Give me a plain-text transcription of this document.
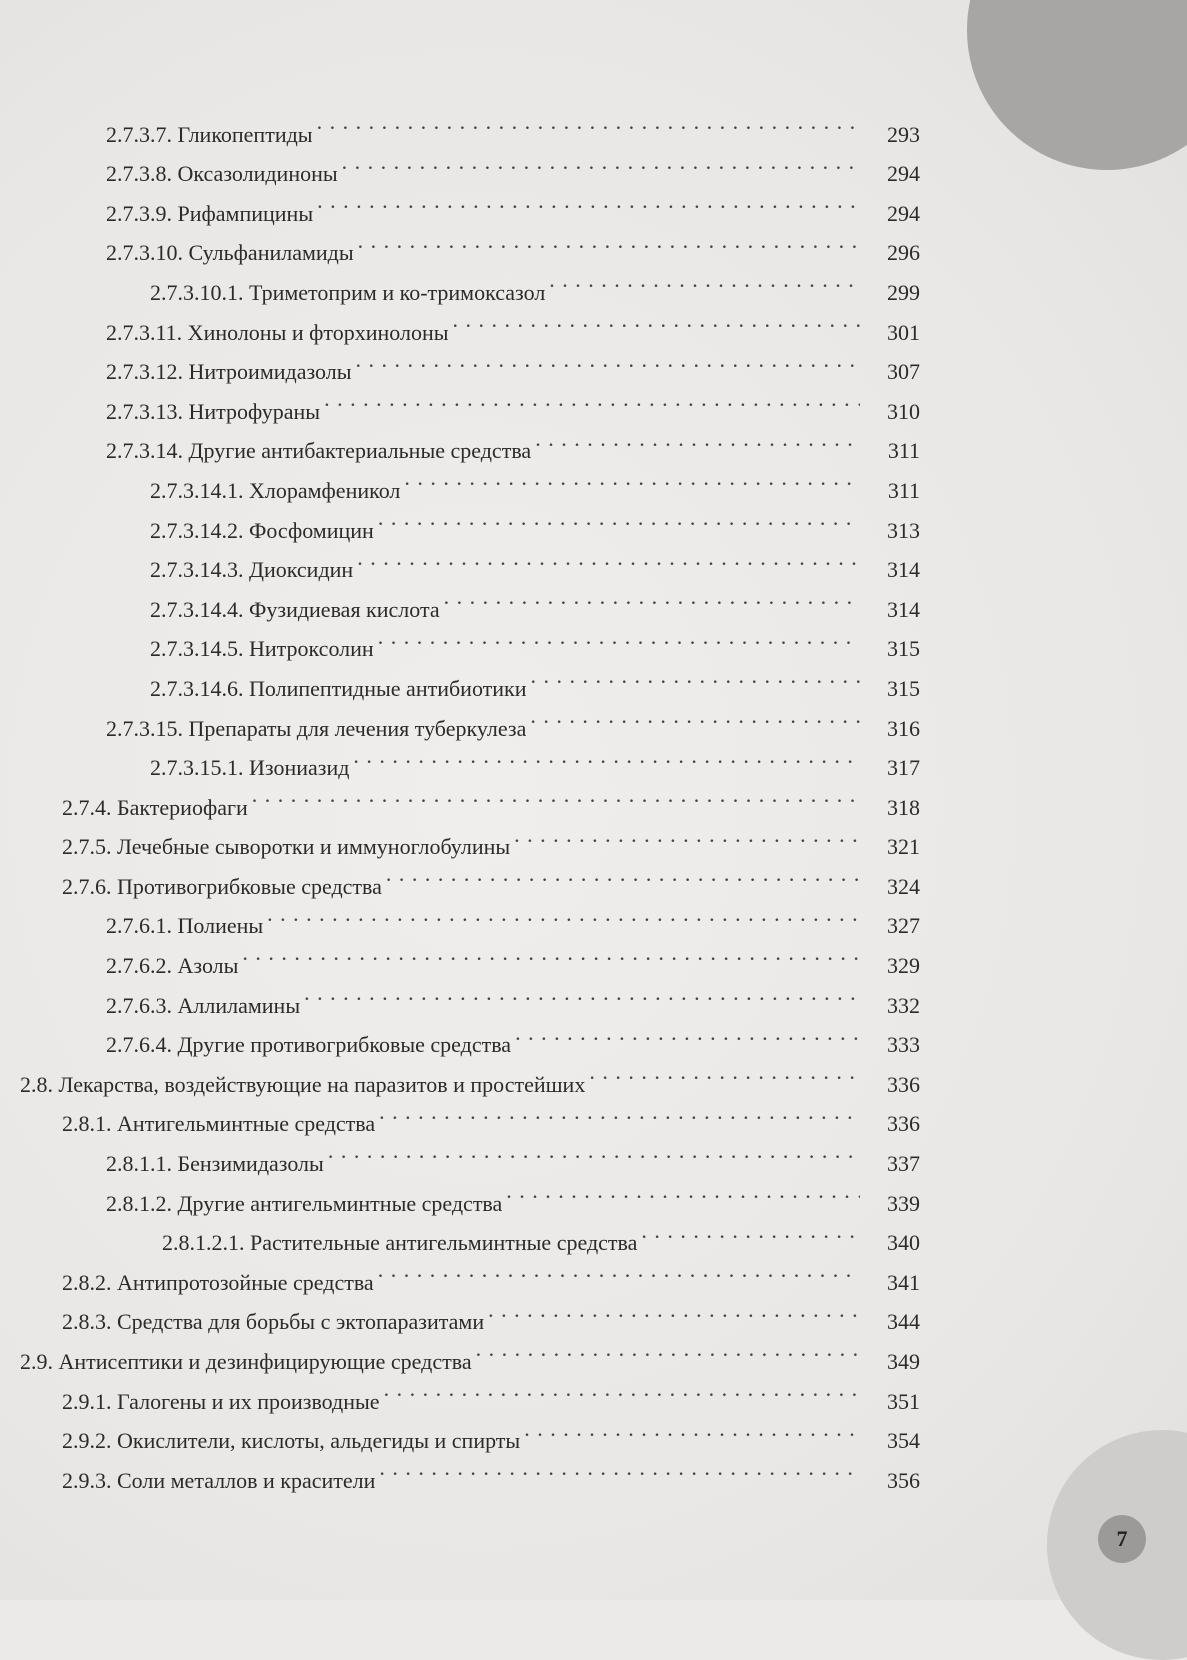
2.7.3.7. Гликопептиды . . .	293
2.7.3.8. Оксазолидиноны . . .	294
2.7.3.9. Рифампицины . . .	294
2.7.3.10. Сульфаниламиды . . .	296
2.7.3.10.1. Триметоприм и ко-тримоксазол . . .	299
2.7.3.11. Хинолоны и фторхинолоны . . .	301
2.7.3.12. Нитроимидазолы . . .	307
2.7.3.13. Нитрофураны . . .	310
2.7.3.14. Другие антибактериальные средства . . .	311
2.7.3.14.1. Хлорамфеникол . . .	311
2.7.3.14.2. Фосфомицин . . .	313
2.7.3.14.3. Диоксидин . . .	314
2.7.3.14.4. Фузидиевая кислота . . .	314
2.7.3.14.5. Нитроксолин . . .	315
2.7.3.14.6. Полипептидные антибиотики . . .	315
2.7.3.15. Препараты для лечения туберкулеза . . .	316
2.7.3.15.1. Изониазид . . .	317
2.7.4. Бактериофаги . . .	318
2.7.5. Лечебные сыворотки и иммуноглобулины . . .	321
2.7.6. Противогрибковые средства . . .	324
2.7.6.1. Полиены . . .	327
2.7.6.2. Азолы . . .	329
2.7.6.3. Аллиламины . . .	332
2.7.6.4. Другие противогрибковые средства . . .	333
2.8. Лекарства, воздействующие на паразитов и простейших . . .	336
2.8.1. Антигельминтные средства . . .	336
2.8.1.1. Бензимидазолы . . .	337
2.8.1.2. Другие антигельминтные средства . . .	339
2.8.1.2.1. Растительные антигельминтные средства . . .	340
2.8.2. Антипротозойные средства . . .	341
2.8.3. Средства для борьбы с эктопаразитами . . .	344
2.9. Антисептики и дезинфицирующие средства . . .	349
2.9.1. Галогены и их производные . . .	351
2.9.2. Окислители, кислоты, альдегиды и спирты . . .	354
2.9.3. Соли металлов и красители . . .	356
7
